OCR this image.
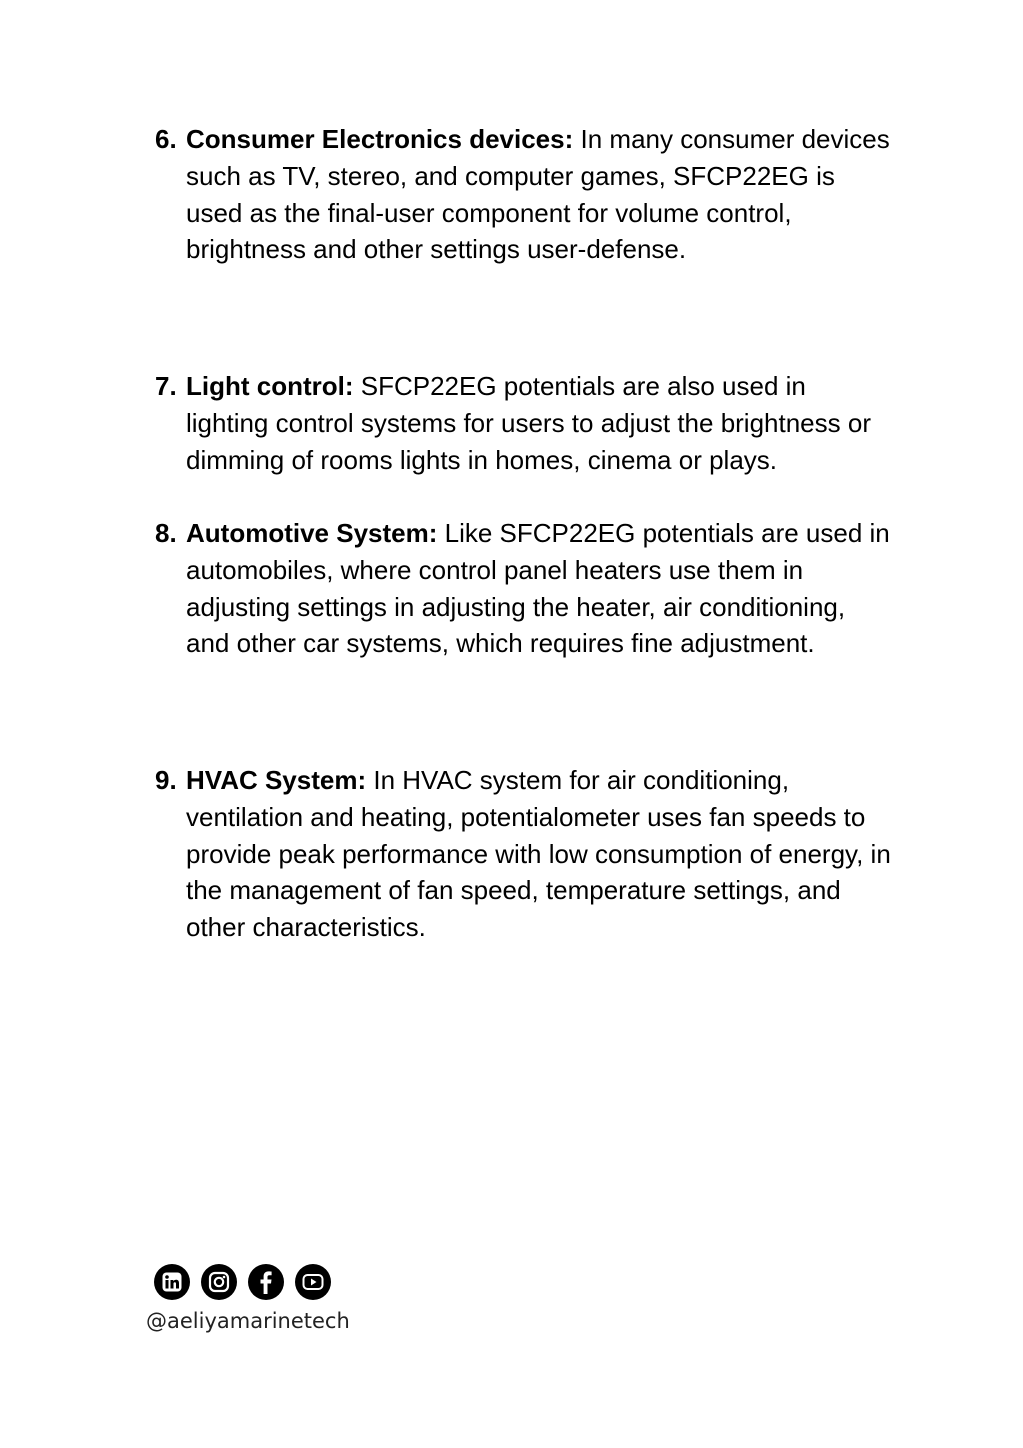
6. Consumer Electronics devices: In many consumer devices such as TV, stereo, and computer games, SFCP22EG is used as the final-user component for volume control, brightness and other settings user-defense.
7. Light control: SFCP22EG potentials are also used in lighting control systems for users to adjust the brightness or dimming of rooms lights in homes, cinema or plays.
8. Automotive System: Like SFCP22EG potentials are used in automobiles, where control panel heaters use them in adjusting settings in adjusting the heater, air conditioning, and other car systems, which requires fine adjustment.
9. HVAC System: In HVAC system for air conditioning, ventilation and heating, potentialometer uses fan speeds to provide peak performance with low consumption of energy, in the management of fan speed, temperature settings, and other characteristics.
@aeliyamarinetech
